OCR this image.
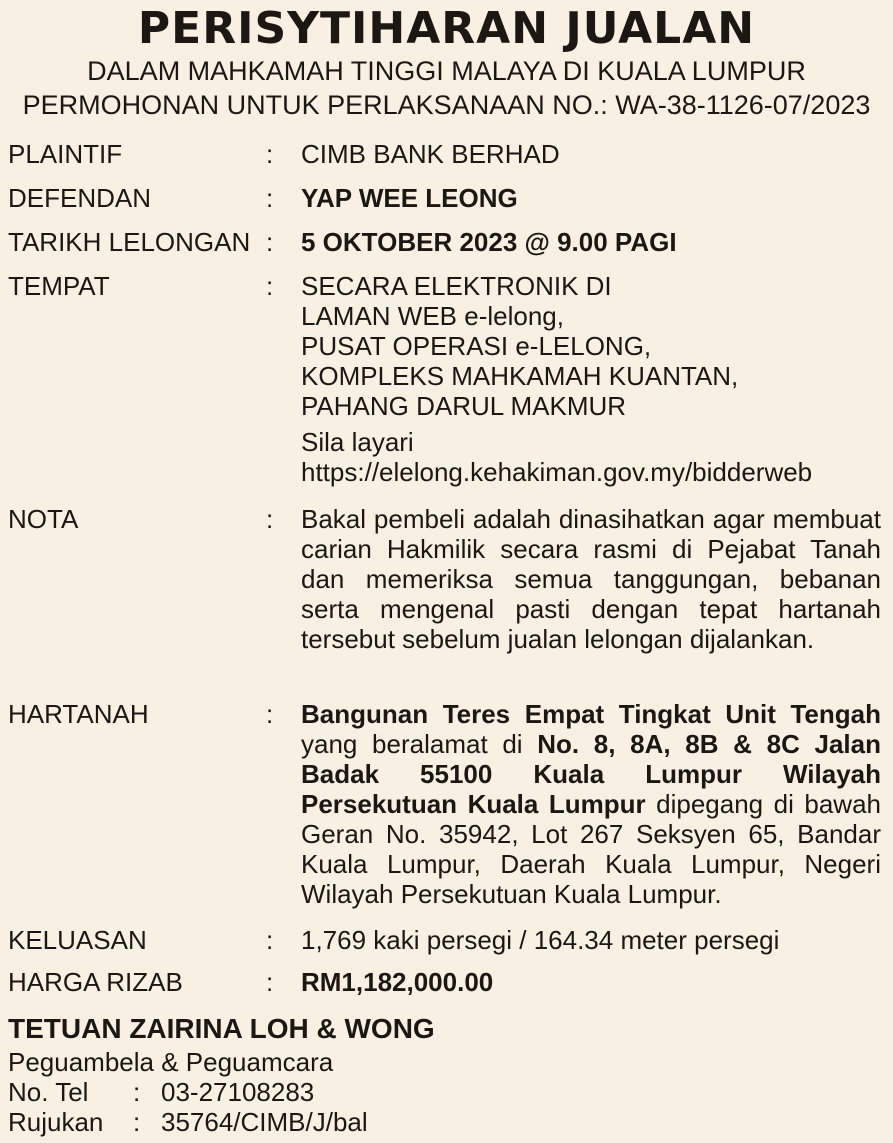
PERISYTIHARAN JUALAN

DALAM MAHKAMAH TINGGI MALAYA DI KUALA LUMPUR

PERMOHONAN UNTUK PERLAKSANAAN NO.: WA-38-1126-07/2023

PLAINTIF	: CIMB BANK BERHAD
DEFENDAN	: YAP WEE LEONG
TARIKH LELONGAN : 5 OKTOBER 2023 @ 9.00 PAGI
TEMPAT	: SECARA ELEKTRONIK DI
LAMAN WEB e-lelong,
PUSAT OPERASI e-LELONG,
KOMPLEKS MAHKAMAH KUANTAN,
PAHANG DARUL MAKMUR
Sila layari
https://elelong.kehakiman.gov.my/bidderweb
NOTA	: Bakal pembeli adalah dinasihatkan agar membuat carian Hakmilik secara rasmi di Pejabat Tanah dan memeriksa semua tanggungan, bebanan serta mengenal pasti dengan tepat hartanah tersebut sebelum jualan lelongan dijalankan.
HARTANAH	: Bangunan Teres Empat Tingkat Unit Tengah yang beralamat di No. 8, 8A, 8B & 8C Jalan Badak 55100 Kuala Lumpur Wilayah Persekutuan Kuala Lumpur dipegang di bawah Geran No. 35942, Lot 267 Seksyen 65, Bandar Kuala Lumpur, Daerah Kuala Lumpur, Negeri Wilayah Persekutuan Kuala Lumpur.
KELUASAN	: 1,769 kaki persegi / 164.34 meter persegi
HARGA RIZAB	: RM1,182,000.00
TETUAN ZAIRINA LOH & WONG
Peguambela & Peguamcara
No. Tel : 03-27108283
Rujukan : 35764/CIMB/J/bal
